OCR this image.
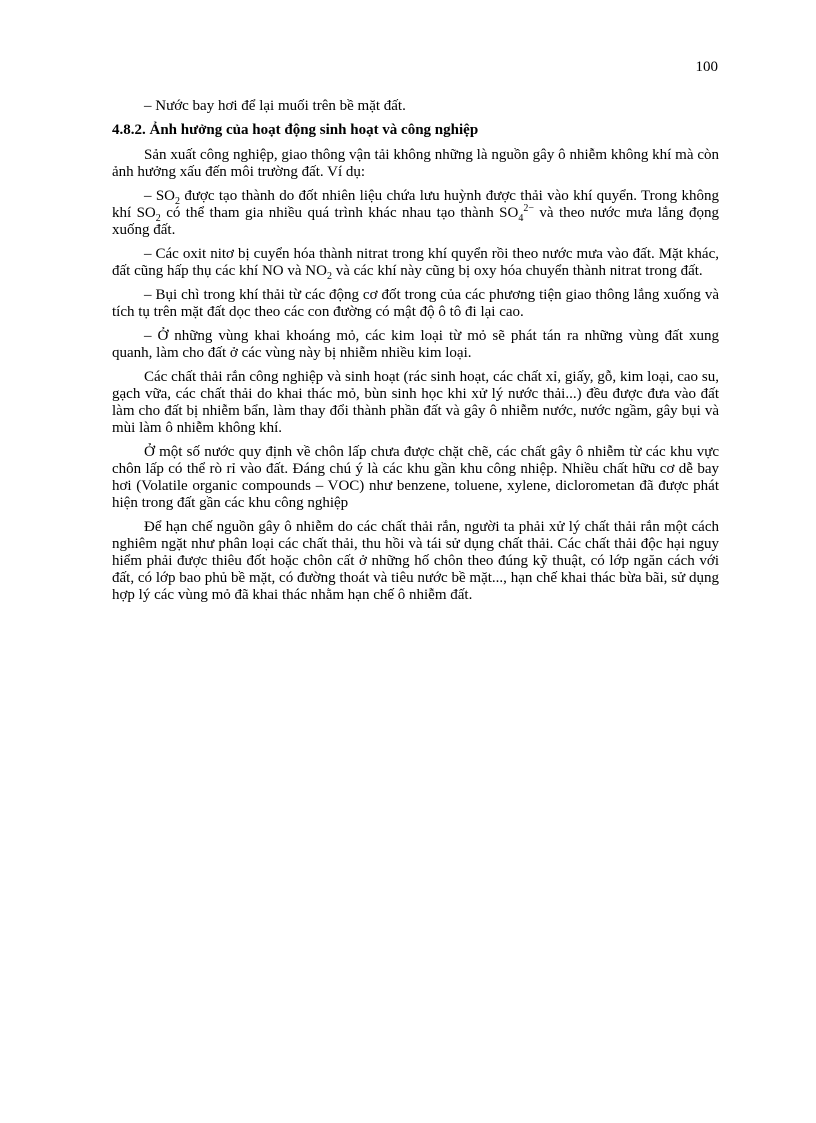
100

– Nước bay hơi để lại muối trên bề mặt đất.

4.8.2. Ảnh hưởng của hoạt động sinh hoạt và công nghiệp

Sản xuất công nghiệp, giao thông vận tải không những là nguồn gây ô nhiễm không khí mà còn ảnh hưởng xấu đến môi trường đất. Ví dụ:

– $SO_2$ được tạo thành do đốt nhiên liệu chứa lưu huỳnh được thải vào khí quyển. Trong không khí $SO_2$ có thể tham gia nhiều quá trình khác nhau tạo thành $SO_4^{2-}$ và theo nước mưa lắng đọng xuống đất.

– Các oxit nitơ bị cuyển hóa thành nitrat trong khí quyển rồi theo nước mưa vào đất. Mặt khác, đất cũng hấp thụ các khí NO và $NO_2$ và các khí này cũng bị oxy hóa chuyển thành nitrat trong đất.

– Bụi chì trong khí thải từ các động cơ đốt trong của các phương tiện giao thông lắng xuống và tích tụ trên mặt đất dọc theo các con đường có mật độ ô tô đi lại cao.

– Ở những vùng khai khoáng mỏ, các kim loại từ mỏ sẽ phát tán ra những vùng đất xung quanh, làm cho đất ở các vùng này bị nhiễm nhiều kim loại.

Các chất thải rắn công nghiệp và sinh hoạt (rác sinh hoạt, các chất xỉ, giấy, gỗ, kim loại, cao su, gạch vữa, các chất thải do khai thác mỏ, bùn sinh học khi xử lý nước thải...) đều được đưa vào đất làm cho đất bị nhiễm bẩn, làm thay đổi thành phần đất và gây ô nhiễm nước, nước ngầm, gây bụi và mùi làm ô nhiễm không khí.

Ở một số nước quy định về chôn lấp chưa được chặt chẽ, các chất gây ô nhiễm từ các khu vực chôn lấp có thể rò rỉ vào đất. Đáng chú ý là các khu gần khu công nhiệp. Nhiều chất hữu cơ dễ bay hơi (Volatile organic compounds – VOC) như benzene, toluene, xylene, diclorometan đã được phát hiện trong đất gần các khu công nghiệp

Để hạn chế nguồn gây ô nhiễm do các chất thải rắn, người ta phải xử lý chất thải rắn một cách nghiêm ngặt như phân loại các chất thải, thu hồi và tái sử dụng chất thải. Các chất thải độc hại nguy hiểm phải được thiêu đốt hoặc chôn cất ở những hố chôn theo đúng kỹ thuật, có lớp ngăn cách với đất, có lớp bao phủ bề mặt, có đường thoát và tiêu nước bề mặt..., hạn chế khai thác bừa bãi, sử dụng hợp lý các vùng mỏ đã khai thác nhằm hạn chế ô nhiễm đất.
